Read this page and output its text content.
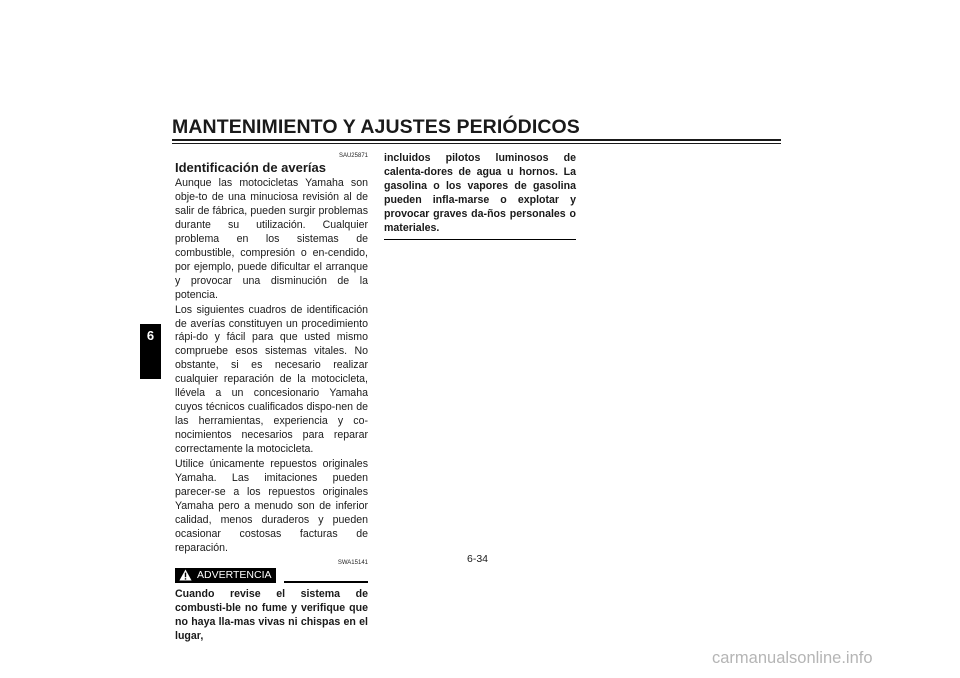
MANTENIMIENTO Y AJUSTES PERIÓDICOS
6
SAU25871
Identificación de averías

Aunque las motocicletas Yamaha son obje-to de una minuciosa revisión al de salir de fábrica, pueden surgir problemas durante su utilización. Cualquier problema en los sistemas de combustible, compresión o en-cendido, por ejemplo, puede dificultar el arranque y provocar una disminución de la potencia.

Los siguientes cuadros de identificación de averías constituyen un procedimiento rápi-do y fácil para que usted mismo compruebe esos sistemas vitales. No obstante, si es necesario realizar cualquier reparación de la motocicleta, llévela a un concesionario Yamaha cuyos técnicos cualificados dispo-nen de las herramientas, experiencia y co-nocimientos necesarios para reparar correctamente la motocicleta.

Utilice únicamente repuestos originales Yamaha. Las imitaciones pueden parecer-se a los repuestos originales Yamaha pero a menudo son de inferior calidad, menos duraderos y pueden ocasionar costosas facturas de reparación.

SWA15141
ADVERTENCIA
Cuando revise el sistema de combusti-ble no fume y verifique que no haya lla-mas vivas ni chispas en el lugar,
incluidos pilotos luminosos de calenta-dores de agua u hornos. La gasolina o los vapores de gasolina pueden infla-marse o explotar y provocar graves da-ños personales o materiales.
6-34
carmanualsonline.info
